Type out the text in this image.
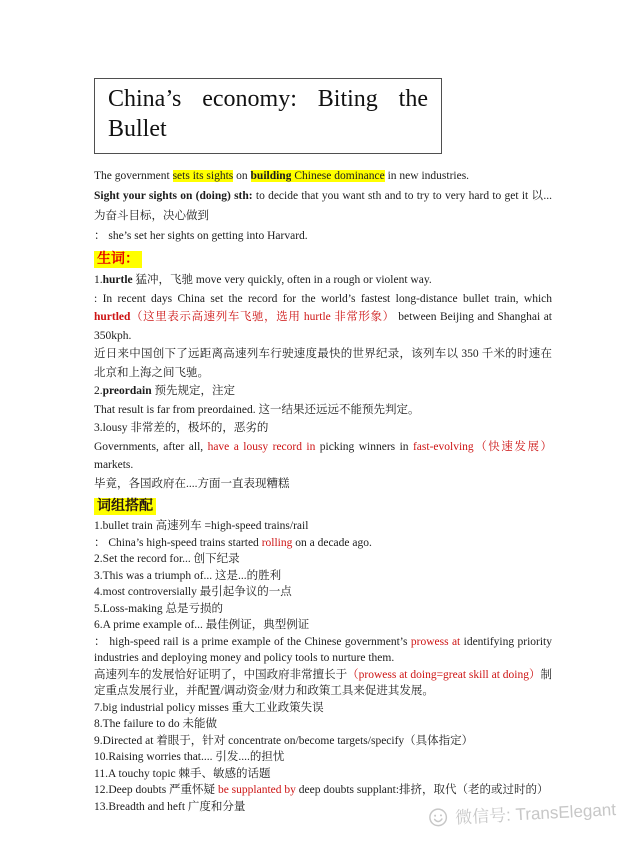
China’s economy: Biting the
Bullet

The government sets its sights on building Chinese dominance in new industries.

Sight your sights on (doing) sth: to decide that you want sth and to try to very hard to get it 以...为奋斗目标，决心做到

： she’s set her sights on getting into Harvard.

生词：

1.hurtle 猛冲，飞驰 move very quickly, often in a rough or violent way.

: In recent days China set the record for the world’s fastest long-distance bullet train, which hurtled（这里表示高速列车飞驰，选用 hurtle 非常形象） between Beijing and Shanghai at 350kph.

近日来中国创下了远距离高速列车行驶速度最快的世界纪录，该列车以 350 千米的时速在北京和上海之间飞驰。

2.preordain 预先规定，注定

That result is far from preordained. 这一结果还远远不能预先判定。

3.lousy 非常差的，极坏的，恶劣的

Governments, after all, have a lousy record in picking winners in fast-evolving（快速发展） markets.

毕竟，各国政府在....方面一直表现糟糕

词组搭配

1.bullet train 高速列车 =high-speed trains/rail

： China’s high-speed trains started rolling on a decade ago.

2.Set the record for... 创下纪录

3.This was a triumph of... 这是...的胜利

4.most controversially 最引起争议的一点

5.Loss-making 总是亏损的

6.A prime example of... 最佳例证，典型例证

： high-speed rail is a prime example of the Chinese government’s prowess at identifying priority industries and deploying money and policy tools to nurture them.

高速列车的发展恰好证明了，中国政府非常擅长于（prowess at doing=great skill at doing）制定重点发展行业，并配置/调动资金/财力和政策工具来促进其发展。

7.big industrial policy misses 重大工业政策失误

8.The failure to do 未能做

9.Directed at 着眼于，针对 concentrate on/become targets/specify（具体指定）

10.Raising worries that.... 引发....的担忧

11.A touchy topic 棘手、敏感的话题

12.Deep doubts 严重怀疑 be supplanted by deep doubts supplant:排挤，取代（老的或过时的）

13.Breadth and heft 广度和分量	微信号: TransElegant
